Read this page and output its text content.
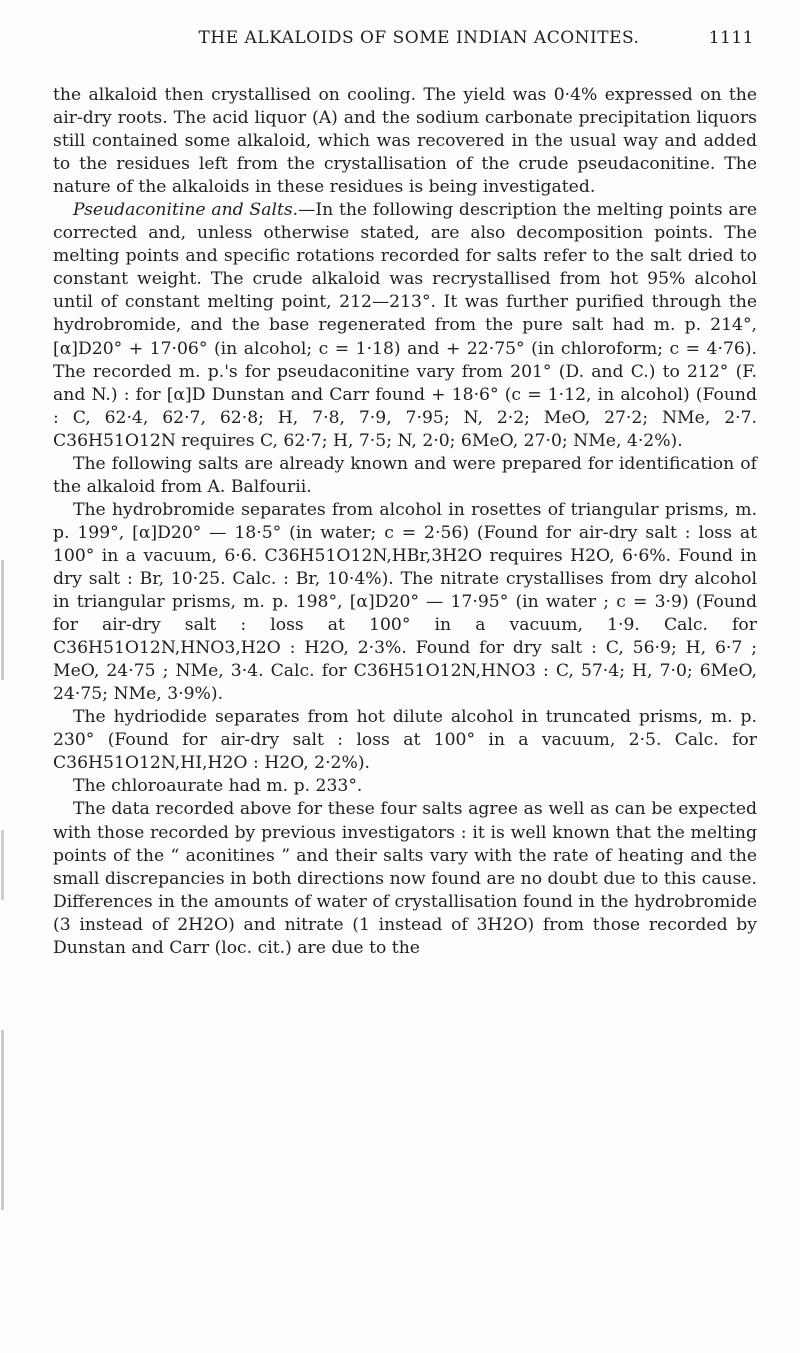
THE ALKALOIDS OF SOME INDIAN ACONITES.	1111

the alkaloid then crystallised on cooling. The yield was 0·4% expressed on the air-dry roots. The acid liquor (A) and the sodium carbonate precipitation liquors still contained some alkaloid, which was recovered in the usual way and added to the residues left from the crystallisation of the crude pseudaconitine. The nature of the alkaloids in these residues is being investigated.

Pseudaconitine and Salts.—In the following description the melting points are corrected and, unless otherwise stated, are also decomposition points. The melting points and specific rotations recorded for salts refer to the salt dried to constant weight. The crude alkaloid was recrystallised from hot 95% alcohol until of constant melting point, 212—213°. It was further purified through the hydrobromide, and the base regenerated from the pure salt had m. p. 214°, [α]D20° + 17·06° (in alcohol; c = 1·18) and + 22·75° (in chloroform; c = 4·76). The recorded m. p.'s for pseudaconitine vary from 201° (D. and C.) to 212° (F. and N.) : for [α]D Dunstan and Carr found + 18·6° (c = 1·12, in alcohol) (Found : C, 62·4, 62·7, 62·8; H, 7·8, 7·9, 7·95; N, 2·2; MeO, 27·2; NMe, 2·7. C36H51O12N requires C, 62·7; H, 7·5; N, 2·0; 6MeO, 27·0; NMe, 4·2%).

The following salts are already known and were prepared for identification of the alkaloid from A. Balfourii.

The hydrobromide separates from alcohol in rosettes of triangular prisms, m. p. 199°, [α]D20° — 18·5° (in water; c = 2·56) (Found for air-dry salt : loss at 100° in a vacuum, 6·6. C36H51O12N,HBr,3H2O requires H2O, 6·6%. Found in dry salt : Br, 10·25. Calc. : Br, 10·4%). The nitrate crystallises from dry alcohol in triangular prisms, m. p. 198°, [α]D20° — 17·95° (in water ; c = 3·9) (Found for air-dry salt : loss at 100° in a vacuum, 1·9. Calc. for C36H51O12N,HNO3,H2O : H2O, 2·3%. Found for dry salt : C, 56·9; H, 6·7 ; MeO, 24·75 ; NMe, 3·4. Calc. for C36H51O12N,HNO3 : C, 57·4; H, 7·0; 6MeO, 24·75; NMe, 3·9%).

The hydriodide separates from hot dilute alcohol in truncated prisms, m. p. 230° (Found for air-dry salt : loss at 100° in a vacuum, 2·5. Calc. for C36H51O12N,HI,H2O : H2O, 2·2%).

The chloroaurate had m. p. 233°.

The data recorded above for these four salts agree as well as can be expected with those recorded by previous investigators : it is well known that the melting points of the “ aconitines ” and their salts vary with the rate of heating and the small discrepancies in both directions now found are no doubt due to this cause. Differences in the amounts of water of crystallisation found in the hydrobromide (3 instead of 2H2O) and nitrate (1 instead of 3H2O) from those recorded by Dunstan and Carr (loc. cit.) are due to the
